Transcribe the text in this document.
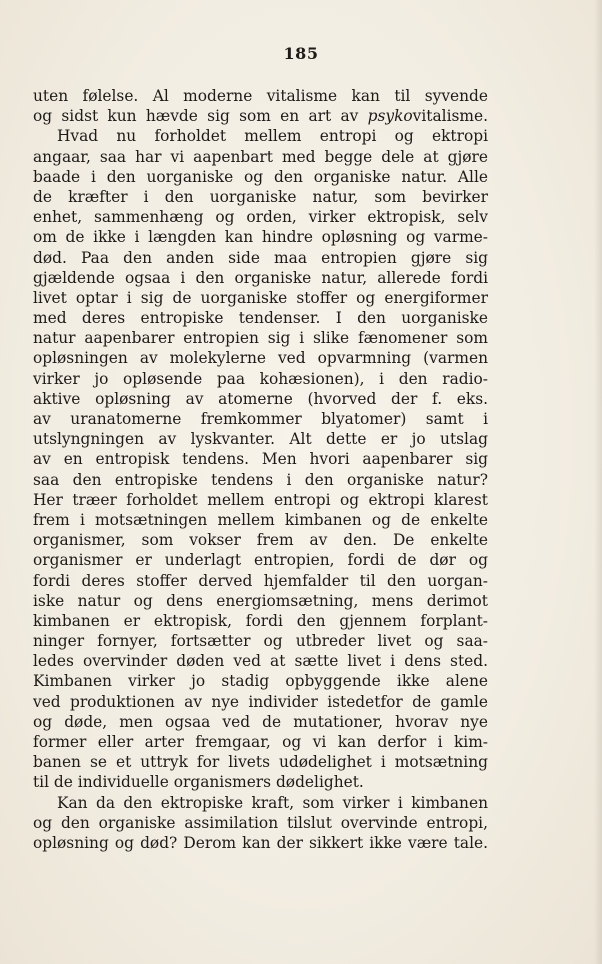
185
uten følelse. Al moderne vitalisme kan til syvende
og sidst kun hævde sig som en art av psykovitalisme.
Hvad nu forholdet mellem entropi og ektropi
angaar, saa har vi aapenbart med begge dele at gjøre
baade i den uorganiske og den organiske natur. Alle
de kræfter i den uorganiske natur, som bevirker
enhet, sammenhæng og orden, virker ektropisk, selv
om de ikke i længden kan hindre opløsning og varme-
død. Paa den anden side maa entropien gjøre sig
gjældende ogsaa i den organiske natur, allerede fordi
livet optar i sig de uorganiske stoffer og energiformer
med deres entropiske tendenser. I den uorganiske
natur aapenbarer entropien sig i slike fænomener som
opløsningen av molekylerne ved opvarmning (varmen
virker jo opløsende paa kohæsionen), i den radio-
aktive opløsning av atomerne (hvorved der f. eks.
av uranatomerne fremkommer blyatomer) samt i
utslyngningen av lyskvanter. Alt dette er jo utslag
av en entropisk tendens. Men hvori aapenbarer sig
saa den entropiske tendens i den organiske natur?
Her træer forholdet mellem entropi og ektropi klarest
frem i motsætningen mellem kimbanen og de enkelte
organismer, som vokser frem av den. De enkelte
organismer er underlagt entropien, fordi de dør og
fordi deres stoffer derved hjemfalder til den uorgan-
iske natur og dens energiomsætning, mens derimot
kimbanen er ektropisk, fordi den gjennem forplant-
ninger fornyer, fortsætter og utbreder livet og saa-
ledes overvinder døden ved at sætte livet i dens sted.
Kimbanen virker jo stadig opbyggende ikke alene
ved produktionen av nye individer istedetfor de gamle
og døde, men ogsaa ved de mutationer, hvorav nye
former eller arter fremgaar, og vi kan derfor i kim-
banen se et uttryk for livets udødelighet i motsætning
til de individuelle organismers dødelighet.
Kan da den ektropiske kraft, som virker i kimbanen
og den organiske assimilation tilslut overvinde entropi,
opløsning og død? Derom kan der sikkert ikke være tale.
